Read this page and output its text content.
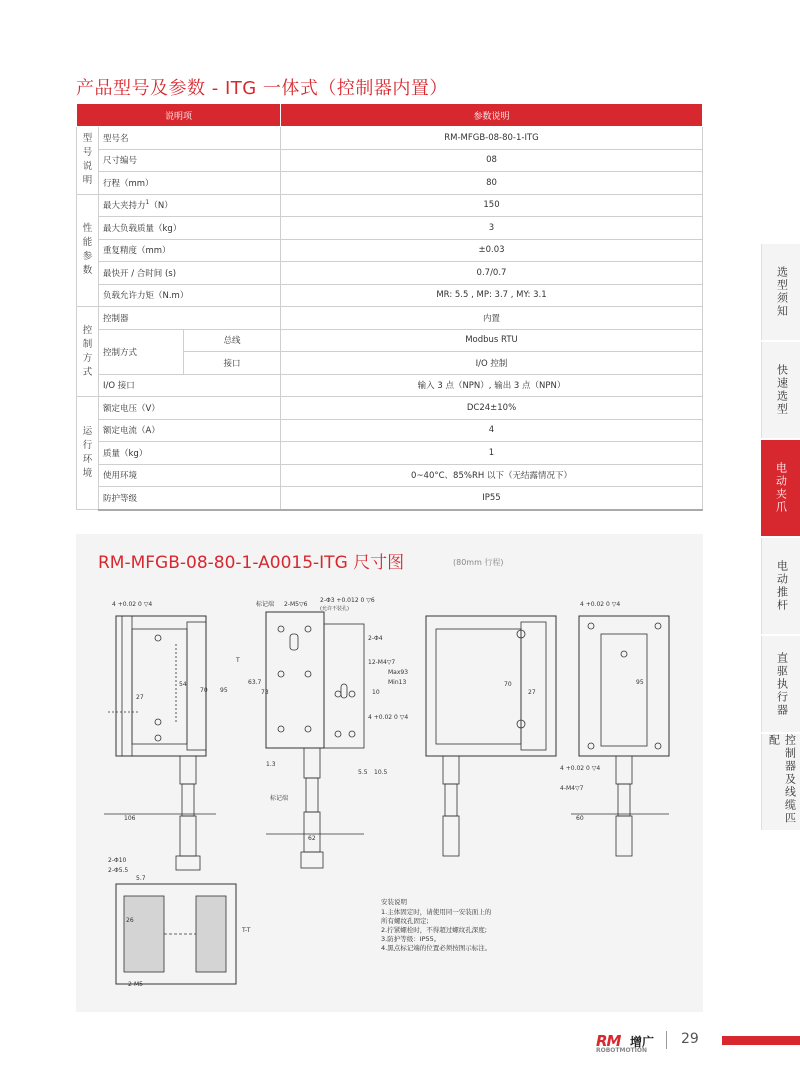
产品型号及参数 - ITG 一体式（控制器内置）
说明项			参数说明
型号说明	型号名		RM-MFGB-08-80-1-ITG
	尺寸编号		08
	行程（mm）		80
性能参数	最大夹持力$^1$（N）		150
	最大负载质量（kg）		3
	重复精度（mm）		±0.03
	最快开 / 合时间 (s)		0.7/0.7
	负载允许力矩（N.m）		MR: 5.5 , MP: 3.7 , MY: 3.1
控制方式	控制器		内置
	控制方式	总线	Modbus RTU
		接口	I/O 控制
	I/O 接口		输入 3 点（NPN）, 输出 3 点（NPN）
运行环境	额定电压（V）		DC24±10%
	额定电流（A）		4
	质量（kg）		1
	使用环境		0~40°C、85%RH 以下（无结露情况下）
	防护等级		IP55
RM-MFGB-08-80-1-A0015-ITG 尺寸图	(80mm 行程)
106
54
70 95
27
4 +0.02 0 ▽4
T
62
标记端 2-M5▽6
2-Φ3 +0.012 0 ▽6
(允许不装孔)
2-Φ4
12-M4▽7
10
Max93
Min13
4 +0.02 0 ▽4
63.7
73
1.3
5.5 10.5
标记端
70
27
60
95
4 +0.02 0 ▽4
4 +0.02 0 ▽4
4-M4▽7
2-Φ10
2-Φ5.5
5.7
2-M5
T-T
26
安装说明
1.主体固定时，请使用同一安装面上的
所有螺纹孔固定;
2.拧紧螺栓时，不得超过螺纹孔深度;
3.防护等级：IP55。
4.黑点标记端的位置必须按图示标注。
选型须知
快速选型
电动夹爪
电动推杆
直驱执行器
控制器及线缆匹配
RM
ROBOTMOTION
增广 29
